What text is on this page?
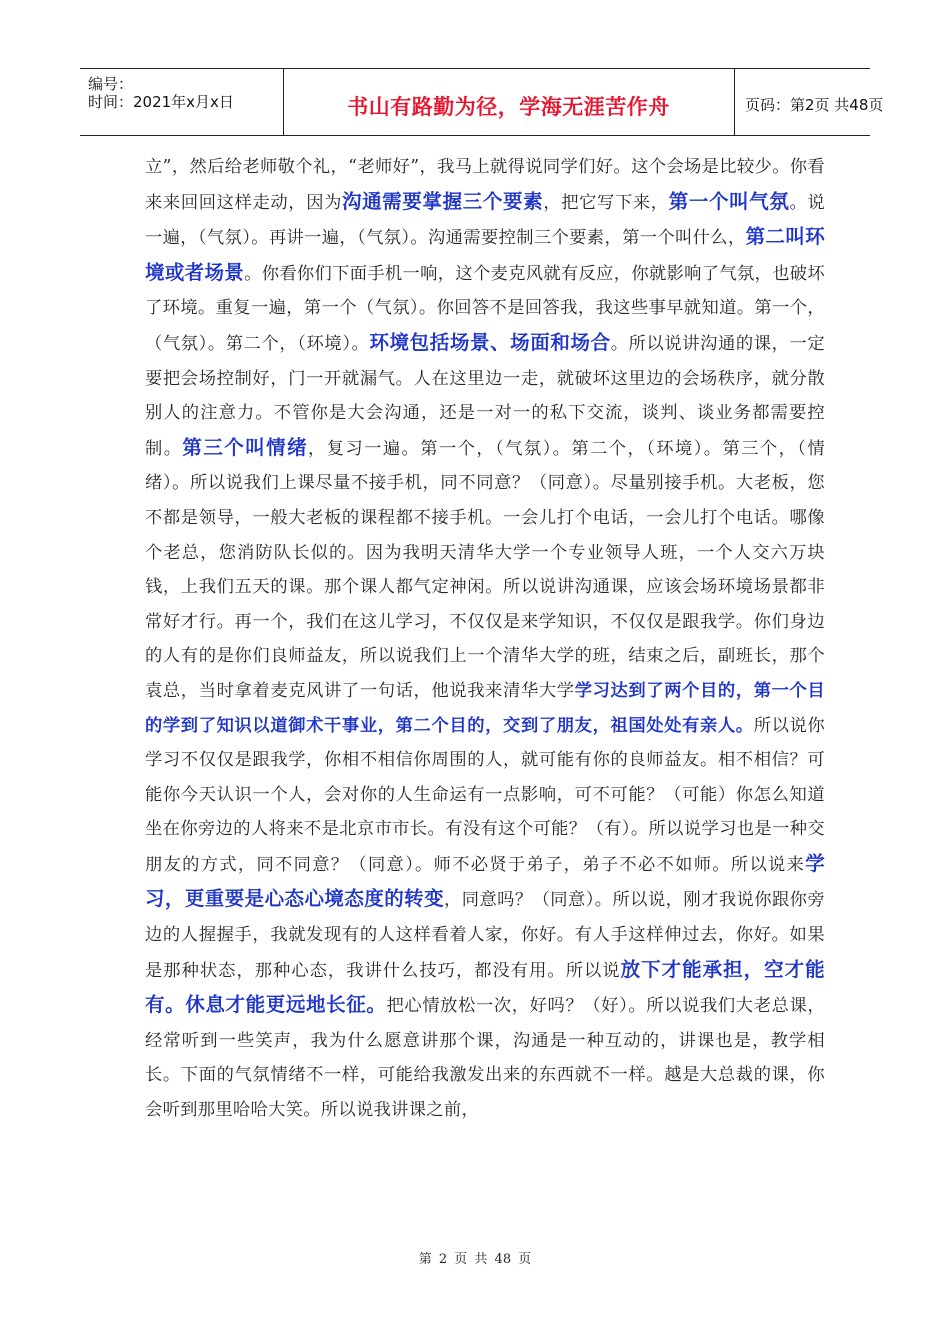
编号：
时间：2021年x月x日	书山有路勤为径，学海无涯苦作舟	页码：第2页 共48页
立”，然后给老师敬个礼，“老师好”，我马上就得说同学们好。这个会场是比较少。你看来来回回这样走动，因为沟通需要掌握三个要素，把它写下来，第一个叫气氛。说一遍，（气氛）。再讲一遍，（气氛）。沟通需要控制三个要素，第一个叫什么，第二叫环境或者场景。你看你们下面手机一响，这个麦克风就有反应，你就影响了气氛，也破坏了环境。重复一遍，第一个（气氛）。你回答不是回答我，我这些事早就知道。第一个，（气氛）。第二个，（环境）。环境包括场景、场面和场合。所以说讲沟通的课，一定要把会场控制好，门一开就漏气。人在这里边一走，就破坏这里边的会场秩序，就分散别人的注意力。不管你是大会沟通，还是一对一的私下交流，谈判、谈业务都需要控制。第三个叫情绪，复习一遍。第一个，（气氛）。第二个，（环境）。第三个，（情绪）。所以说我们上课尽量不接手机，同不同意？（同意）。尽量别接手机。大老板，您不都是领导，一般大老板的课程都不接手机。一会儿打个电话，一会儿打个电话。哪像个老总，您消防队长似的。因为我明天清华大学一个专业领导人班，一个人交六万块钱，上我们五天的课。那个课人都气定神闲。所以说讲沟通课，应该会场环境场景都非常好才行。再一个，我们在这儿学习，不仅仅是来学知识，不仅仅是跟我学。你们身边的人有的是你们良师益友，所以说我们上一个清华大学的班，结束之后，副班长，那个袁总，当时拿着麦克风讲了一句话，他说我来清华大学学习达到了两个目的，第一个目的学到了知识以道御术干事业，第二个目的，交到了朋友，祖国处处有亲人。所以说你学习不仅仅是跟我学，你相不相信你周围的人，就可能有你的良师益友。相不相信？可能你今天认识一个人，会对你的人生命运有一点影响，可不可能？（可能）你怎么知道坐在你旁边的人将来不是北京市市长。有没有这个可能？（有）。所以说学习也是一种交朋友的方式，同不同意？（同意）。师不必贤于弟子，弟子不必不如师。所以说来学习，更重要是心态心境态度的转变，同意吗？（同意）。所以说，刚才我说你跟你旁边的人握握手，我就发现有的人这样看着人家，你好。有人手这样伸过去，你好。如果是那种状态，那种心态，我讲什么技巧，都没有用。所以说放下才能承担，空才能有。休息才能更远地长征。把心情放松一次，好吗？（好）。所以说我们大老总课，经常听到一些笑声，我为什么愿意讲那个课，沟通是一种互动的，讲课也是，教学相长。下面的气氛情绪不一样，可能给我激发出来的东西就不一样。越是大总裁的课，你会听到那里哈哈大笑。所以说我讲课之前，
第 2 页 共 48 页
